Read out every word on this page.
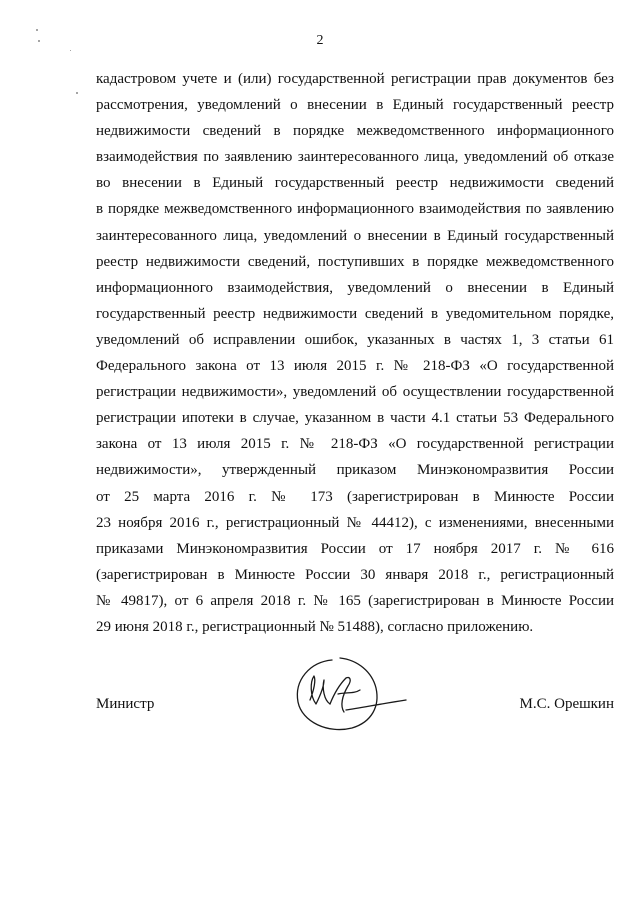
2
кадастровом учете и (или) государственной регистрации прав документов без
рассмотрения, уведомлений о внесении в Единый государственный реестр
недвижимости сведений в порядке межведомственного информационного
взаимодействия по заявлению заинтересованного лица, уведомлений об отказе
во внесении в Единый государственный реестр недвижимости сведений
в порядке межведомственного информационного взаимодействия по заявлению
заинтересованного лица, уведомлений о внесении в Единый государственный
реестр недвижимости сведений, поступивших в порядке межведомственного
информационного взаимодействия, уведомлений о внесении в Единый
государственный реестр недвижимости сведений в уведомительном порядке,
уведомлений об исправлении ошибок, указанных в частях 1, 3 статьи 61
Федерального закона от 13 июля 2015 г. № 218-ФЗ «О государственной
регистрации недвижимости», уведомлений об осуществлении государственной
регистрации ипотеки в случае, указанном в части 4.1 статьи 53 Федерального
закона от 13 июля 2015 г. № 218-ФЗ «О государственной регистрации
недвижимости», утвержденный приказом Минэкономразвития России
от 25 марта 2016 г. № 173 (зарегистрирован в Минюсте России
23 ноября 2016 г., регистрационный № 44412), с изменениями, внесенными
приказами Минэкономразвития России от 17 ноября 2017 г. № 616
(зарегистрирован в Минюсте России 30 января 2018 г., регистрационный
№ 49817), от 6 апреля 2018 г. № 165 (зарегистрирован в Минюсте России
29 июня 2018 г., регистрационный № 51488), согласно приложению.
Министр	М.С. Орешкин
